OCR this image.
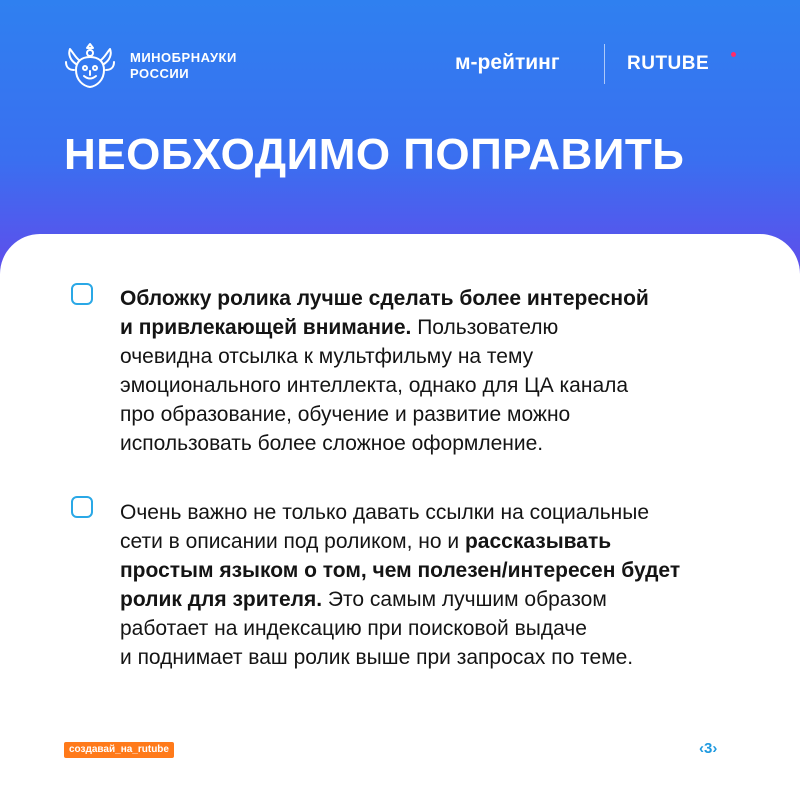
МИНОБРНАУКИ
РОССИИ	м-рейтинг	RUTUBE
НЕОБХОДИМО ПОПРАВИТЬ
Обложку ролика лучше сделать более интересной
и привлекающей внимание. Пользователю
очевидна отсылка к мультфильму на тему
эмоционального интеллекта, однако для ЦА канала
про образование, обучение и развитие можно
использовать более сложное оформление.
Очень важно не только давать ссылки на социальные
сети в описании под роликом, но и рассказывать
простым языком о том, чем полезен/интересен будет
ролик для зрителя. Это самым лучшим образом
работает на индексацию при поисковой выдаче
и поднимает ваш ролик выше при запросах по теме.
создавай_на_rutube	‹3›
